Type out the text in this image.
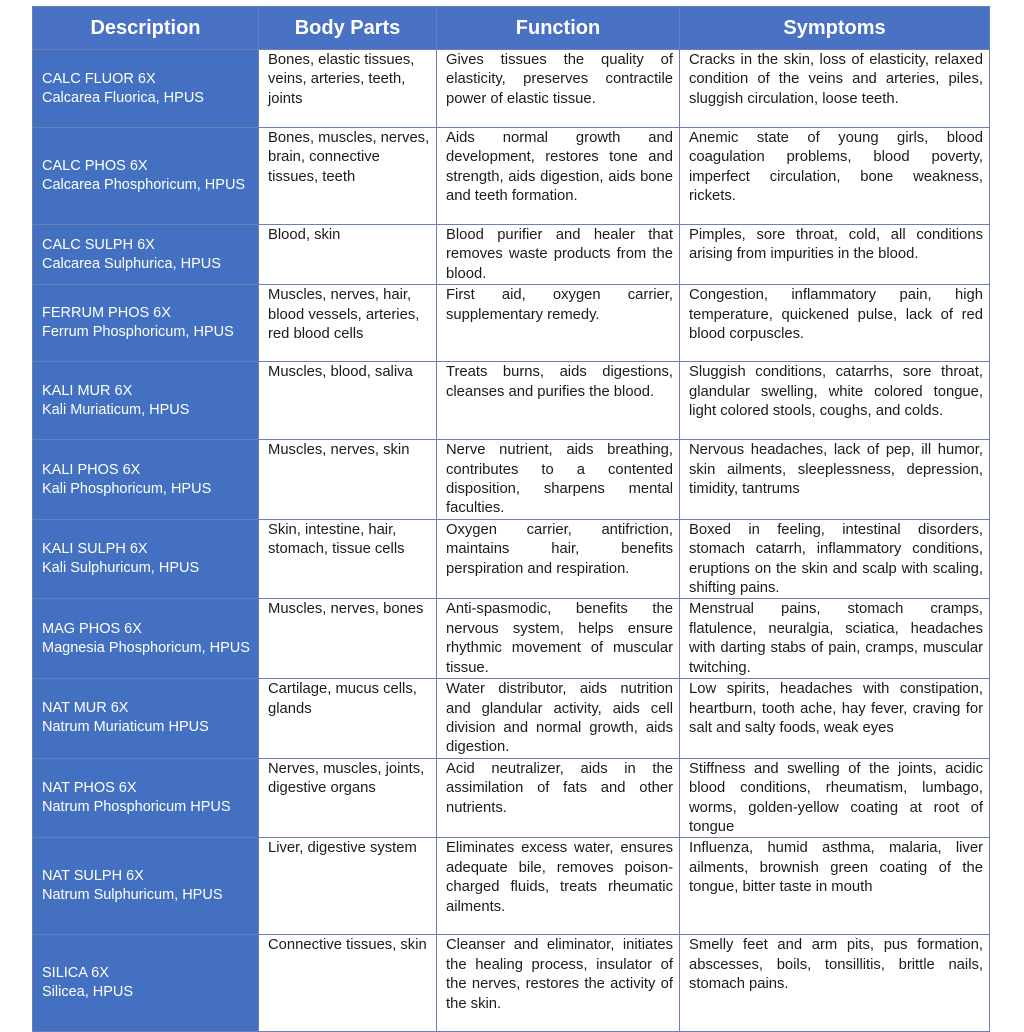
Description	Body Parts	Function	Symptoms

CALC FLUOR 6X
Calcarea Fluorica, HPUS	Bones, elastic tissues, veins, arteries, teeth, joints	Gives tissues the quality of elasticity, preserves contractile power of elastic tissue.	Cracks in the skin, loss of elasticity, relaxed condition of the veins and arteries, piles, sluggish circulation, loose teeth.

CALC PHOS 6X
Calcarea Phosphoricum, HPUS	Bones, muscles, nerves, brain, connective tissues, teeth	Aids normal growth and development, restores tone and strength, aids digestion, aids bone and teeth formation.	Anemic state of young girls, blood coagulation problems, blood poverty, imperfect circulation, bone weakness, rickets.

CALC SULPH 6X
Calcarea Sulphurica, HPUS	Blood, skin	Blood purifier and healer that removes waste products from the blood.	Pimples, sore throat, cold, all conditions arising from impurities in the blood.

FERRUM PHOS 6X
Ferrum Phosphoricum, HPUS	Muscles, nerves, hair, blood vessels, arteries, red blood cells	First aid, oxygen carrier, supplementary remedy.	Congestion, inflammatory pain, high temperature, quickened pulse, lack of red blood corpuscles.

KALI MUR 6X
Kali Muriaticum, HPUS	Muscles, blood, saliva	Treats burns, aids digestions, cleanses and purifies the blood.	Sluggish conditions, catarrhs, sore throat, glandular swelling, white colored tongue, light colored stools, coughs, and colds.

KALI PHOS 6X
Kali Phosphoricum, HPUS	Muscles, nerves, skin	Nerve nutrient, aids breathing, contributes to a contented disposition, sharpens mental faculties.	Nervous headaches, lack of pep, ill humor, skin ailments, sleeplessness, depression, timidity, tantrums

KALI SULPH 6X
Kali Sulphuricum, HPUS	Skin, intestine, hair, stomach, tissue cells	Oxygen carrier, antifriction, maintains hair, benefits perspiration and respiration.	Boxed in feeling, intestinal disorders, stomach catarrh, inflammatory conditions, eruptions on the skin and scalp with scaling, shifting pains.

MAG PHOS 6X
Magnesia Phosphoricum, HPUS	Muscles, nerves, bones	Anti-spasmodic, benefits the nervous system, helps ensure rhythmic movement of muscular tissue.	Menstrual pains, stomach cramps, flatulence, neuralgia, sciatica, headaches with darting stabs of pain, cramps, muscular twitching.

NAT MUR 6X
Natrum Muriaticum HPUS	Cartilage, mucus cells, glands	Water distributor, aids nutrition and glandular activity, aids cell division and normal growth, aids digestion.	Low spirits, headaches with constipation, heartburn, tooth ache, hay fever, craving for salt and salty foods, weak eyes

NAT PHOS 6X
Natrum Phosphoricum HPUS	Nerves, muscles, joints, digestive organs	Acid neutralizer, aids in the assimilation of fats and other nutrients.	Stiffness and swelling of the joints, acidic blood conditions, rheumatism, lumbago, worms, golden-yellow coating at root of tongue

NAT SULPH 6X
Natrum Sulphuricum, HPUS	Liver, digestive system	Eliminates excess water, ensures adequate bile, removes poison-charged fluids, treats rheumatic ailments.	Influenza, humid asthma, malaria, liver ailments, brownish green coating of the tongue, bitter taste in mouth

SILICA 6X
Silicea, HPUS	Connective tissues, skin	Cleanser and eliminator, initiates the healing process, insulator of the nerves, restores the activity of the skin.	Smelly feet and arm pits, pus formation, abscesses, boils, tonsillitis, brittle nails, stomach pains.
